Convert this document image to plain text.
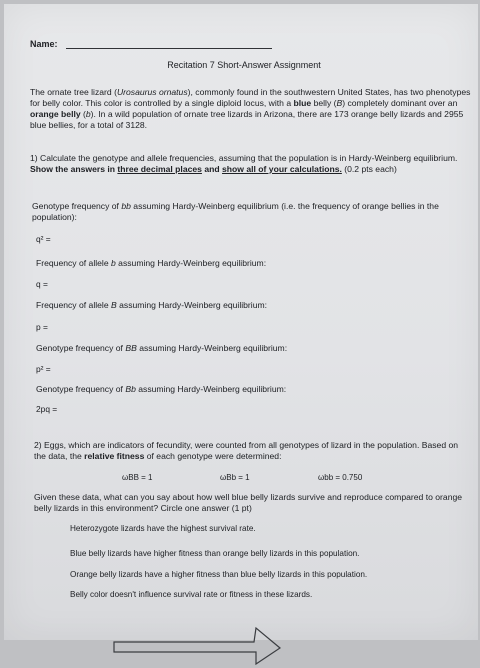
Name:
Recitation 7 Short-Answer Assignment
The ornate tree lizard (Urosaurus ornatus), commonly found in the southwestern United States, has two phenotypes for belly color. This color is controlled by a single diploid locus, with a blue belly (B) completely dominant over an orange belly (b). In a wild population of ornate tree lizards in Arizona, there are 173 orange belly lizards and 2955 blue bellies, for a total of 3128.
1) Calculate the genotype and allele frequencies, assuming that the population is in Hardy-Weinberg equilibrium. Show the answers in three decimal places and show all of your calculations. (0.2 pts each)
Genotype frequency of bb assuming Hardy-Weinberg equilibrium (i.e. the frequency of orange bellies in the population):
q² =
Frequency of allele b assuming Hardy-Weinberg equilibrium:
q =
Frequency of allele B assuming Hardy-Weinberg equilibrium:
p =
Genotype frequency of BB assuming Hardy-Weinberg equilibrium:
p² =
Genotype frequency of Bb assuming Hardy-Weinberg equilibrium:
2pq =
2) Eggs, which are indicators of fecundity, were counted from all genotypes of lizard in the population. Based on the data, the relative fitness of each genotype were determined:
ωBB = 1	ωBb = 1	ωbb = 0.750
Given these data, what can you say about how well blue belly lizards survive and reproduce compared to orange belly lizards in this environment? Circle one answer (1 pt)
Heterozygote lizards have the highest survival rate.
Blue belly lizards have higher fitness than orange belly lizards in this population.
Orange belly lizards have a higher fitness than blue belly lizards in this population.
Belly color doesn't influence survival rate or fitness in these lizards.
